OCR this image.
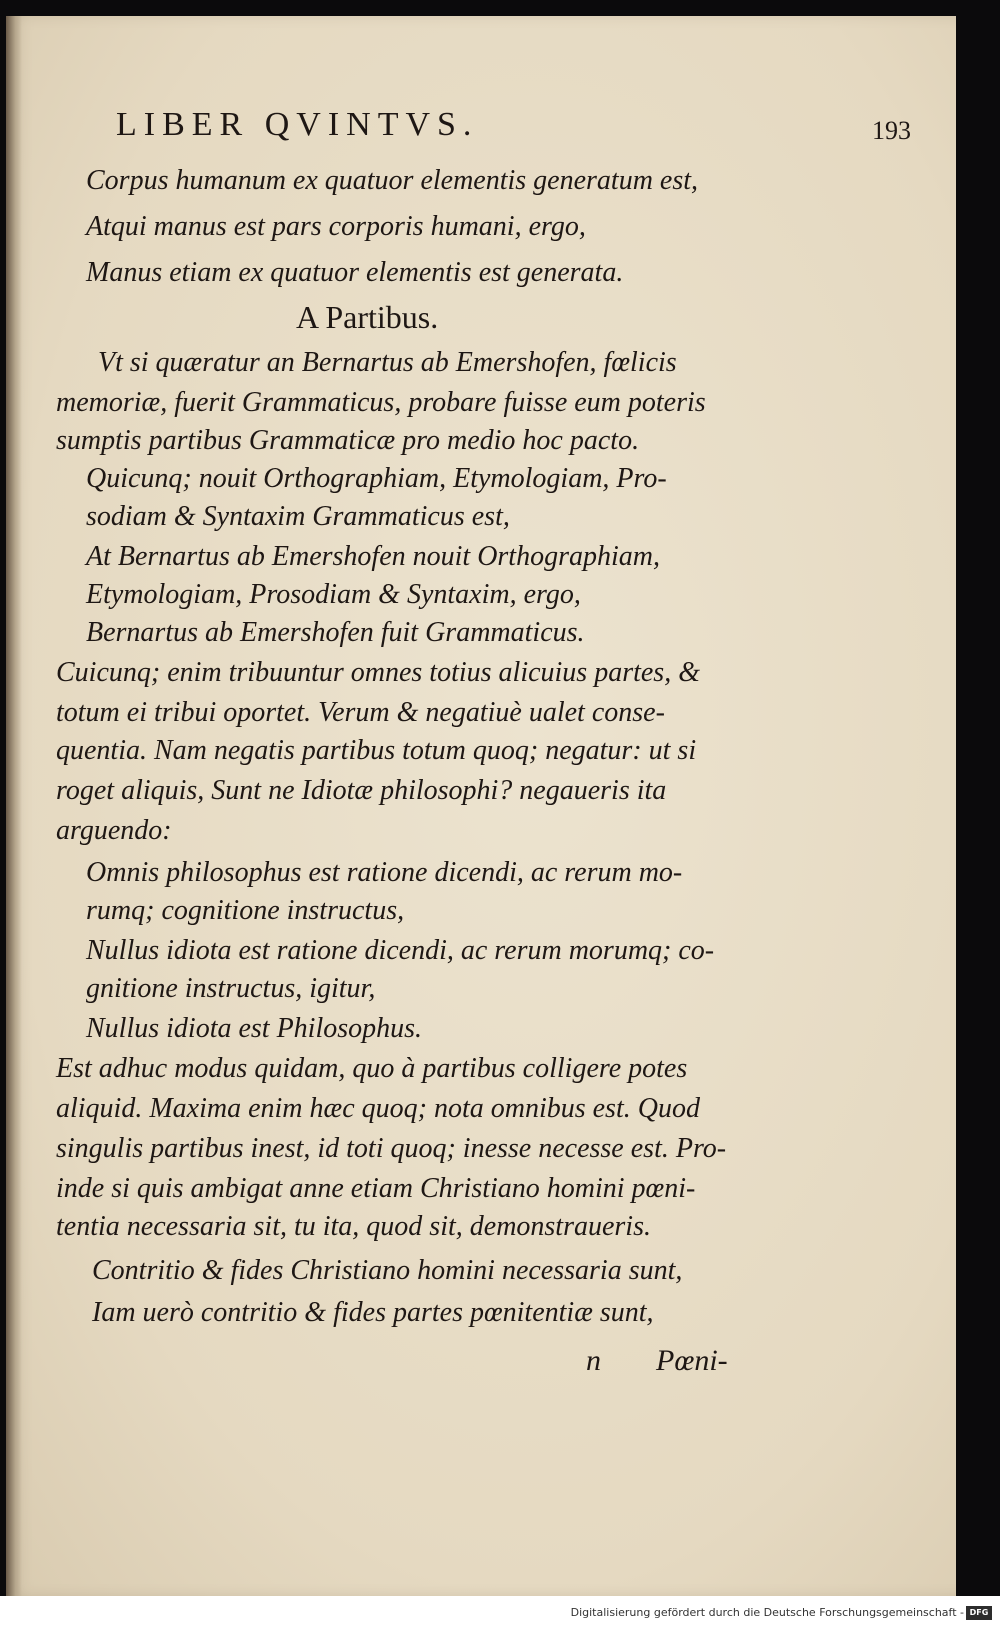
LIBER QVINTVS.	193
Corpus humanum ex quatuor elementis generatum est,
Atqui manus est pars corporis humani, ergo,
Manus etiam ex quatuor elementis est generata.
A Partibus.
Vt si quæratur an Bernartus ab Emershofen, fœlicis
memoriæ, fuerit Grammaticus, probare fuisse eum poteris
sumptis partibus Grammaticæ pro medio hoc pacto.
Quicunq; nouit Orthographiam, Etymologiam, Pro-
sodiam & Syntaxim Grammaticus est,
At Bernartus ab Emershofen nouit Orthographiam,
Etymologiam, Prosodiam & Syntaxim, ergo,
Bernartus ab Emershofen fuit Grammaticus.
Cuicunq; enim tribuuntur omnes totius alicuius partes, &
totum ei tribui oportet. Verum & negatiuè ualet conse-
quentia. Nam negatis partibus totum quoq; negatur: ut si
roget aliquis, Sunt ne Idiotæ philosophi? negaueris ita
arguendo:
Omnis philosophus est ratione dicendi, ac rerum mo-
rumq; cognitione instructus,
Nullus idiota est ratione dicendi, ac rerum morumq; co-
gnitione instructus, igitur,
Nullus idiota est Philosophus.
Est adhuc modus quidam, quo à partibus colligere potes
aliquid. Maxima enim hæc quoq; nota omnibus est. Quod
singulis partibus inest, id toti quoq; inesse necesse est. Pro-
inde si quis ambigat anne etiam Christiano homini pœni-
tentia necessaria sit, tu ita, quod sit, demonstraueris.
Contritio & fides Christiano homini necessaria sunt,
Iam uerò contritio & fides partes pœnitentiæ sunt,
n Pœni-
Digitalisierung gefördert durch die Deutsche Forschungsgemeinschaft - DFG
